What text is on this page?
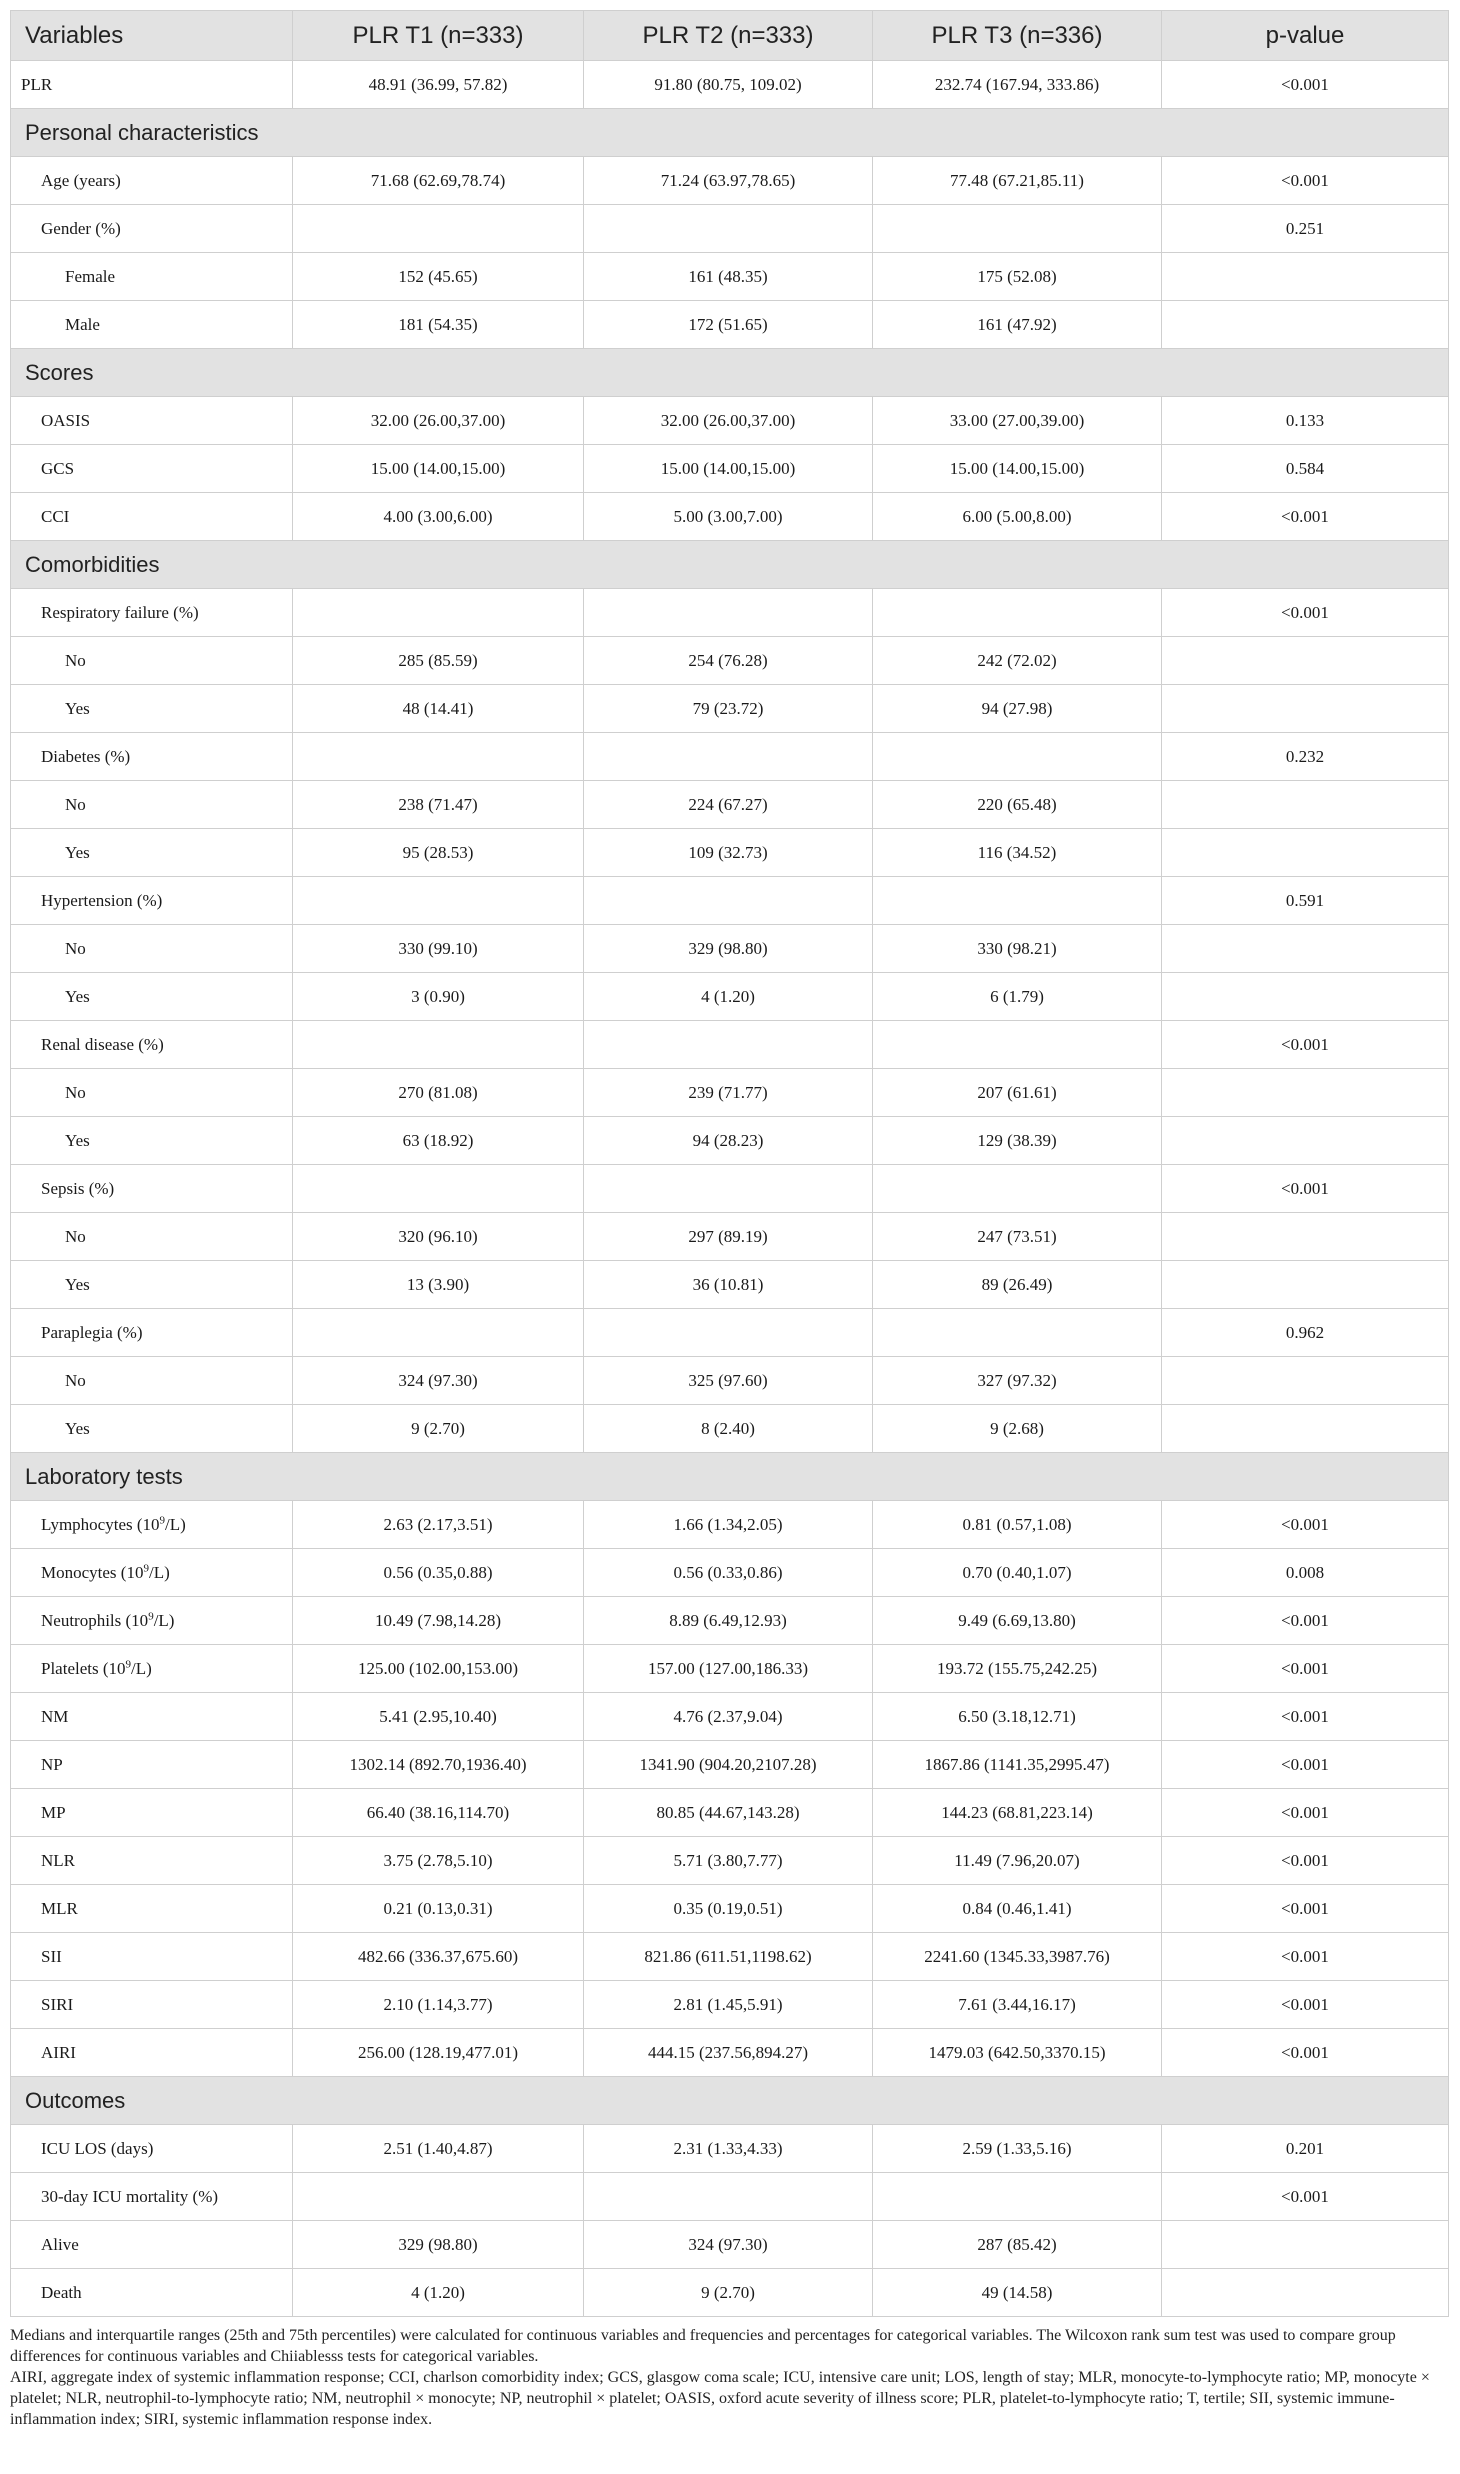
Variables	PLR T1 (n=333)	PLR T2 (n=333)	PLR T3 (n=336)	p-value
PLR	48.91 (36.99, 57.82)	91.80 (80.75, 109.02)	232.74 (167.94, 333.86)	<0.001
Personal characteristics				
Age (years)	71.68 (62.69,78.74)	71.24 (63.97,78.65)	77.48 (67.21,85.11)	<0.001
Gender (%)				0.251
Female	152 (45.65)	161 (48.35)	175 (52.08)	
Male	181 (54.35)	172 (51.65)	161 (47.92)	
Scores				
OASIS	32.00 (26.00,37.00)	32.00 (26.00,37.00)	33.00 (27.00,39.00)	0.133
GCS	15.00 (14.00,15.00)	15.00 (14.00,15.00)	15.00 (14.00,15.00)	0.584
CCI	4.00 (3.00,6.00)	5.00 (3.00,7.00)	6.00 (5.00,8.00)	<0.001
Comorbidities				
Respiratory failure (%)				<0.001
No	285 (85.59)	254 (76.28)	242 (72.02)	
Yes	48 (14.41)	79 (23.72)	94 (27.98)	
Diabetes (%)				0.232
No	238 (71.47)	224 (67.27)	220 (65.48)	
Yes	95 (28.53)	109 (32.73)	116 (34.52)	
Hypertension (%)				0.591
No	330 (99.10)	329 (98.80)	330 (98.21)	
Yes	3 (0.90)	4 (1.20)	6 (1.79)	
Renal disease (%)				<0.001
No	270 (81.08)	239 (71.77)	207 (61.61)	
Yes	63 (18.92)	94 (28.23)	129 (38.39)	
Sepsis (%)				<0.001
No	320 (96.10)	297 (89.19)	247 (73.51)	
Yes	13 (3.90)	36 (10.81)	89 (26.49)	
Paraplegia (%)				0.962
No	324 (97.30)	325 (97.60)	327 (97.32)	
Yes	9 (2.70)	8 (2.40)	9 (2.68)	
Laboratory tests				
Lymphocytes $(10^9/L)$	2.63 (2.17,3.51)	1.66 (1.34,2.05)	0.81 (0.57,1.08)	<0.001
Monocytes $(10^9/L)$	0.56 (0.35,0.88)	0.56 (0.33,0.86)	0.70 (0.40,1.07)	0.008
Neutrophils $(10^9/L)$	10.49 (7.98,14.28)	8.89 (6.49,12.93)	9.49 (6.69,13.80)	<0.001
Platelets $(10^9/L)$	125.00 (102.00,153.00)	157.00 (127.00,186.33)	193.72 (155.75,242.25)	<0.001
NM	5.41 (2.95,10.40)	4.76 (2.37,9.04)	6.50 (3.18,12.71)	<0.001
NP	1302.14 (892.70,1936.40)	1341.90 (904.20,2107.28)	1867.86 (1141.35,2995.47)	<0.001
MP	66.40 (38.16,114.70)	80.85 (44.67,143.28)	144.23 (68.81,223.14)	<0.001
NLR	3.75 (2.78,5.10)	5.71 (3.80,7.77)	11.49 (7.96,20.07)	<0.001
MLR	0.21 (0.13,0.31)	0.35 (0.19,0.51)	0.84 (0.46,1.41)	<0.001
SII	482.66 (336.37,675.60)	821.86 (611.51,1198.62)	2241.60 (1345.33,3987.76)	<0.001
SIRI	2.10 (1.14,3.77)	2.81 (1.45,5.91)	7.61 (3.44,16.17)	<0.001
AIRI	256.00 (128.19,477.01)	444.15 (237.56,894.27)	1479.03 (642.50,3370.15)	<0.001
Outcomes				
ICU LOS (days)	2.51 (1.40,4.87)	2.31 (1.33,4.33)	2.59 (1.33,5.16)	0.201
30-day ICU mortality (%)				<0.001
Alive	329 (98.80)	324 (97.30)	287 (85.42)	
Death	4 (1.20)	9 (2.70)	49 (14.58)	

Medians and interquartile ranges (25th and 75th percentiles) were calculated for continuous variables and frequencies and percentages for categorical variables. The Wilcoxon rank sum test was used to compare group differences for continuous variables and Chiiablesss tests for categorical variables.

AIRI, aggregate index of systemic inflammation response; CCI, charlson comorbidity index; GCS, glasgow coma scale; ICU, intensive care unit; LOS, length of stay; MLR, monocyte-to-lymphocyte ratio; MP, monocyte × platelet; NLR, neutrophil-to-lymphocyte ratio; NM, neutrophil × monocyte; NP, neutrophil × platelet; OASIS, oxford acute severity of illness score; PLR, platelet-to-lymphocyte ratio; T, tertile; SII, systemic immune-inflammation index; SIRI, systemic inflammation response index.
